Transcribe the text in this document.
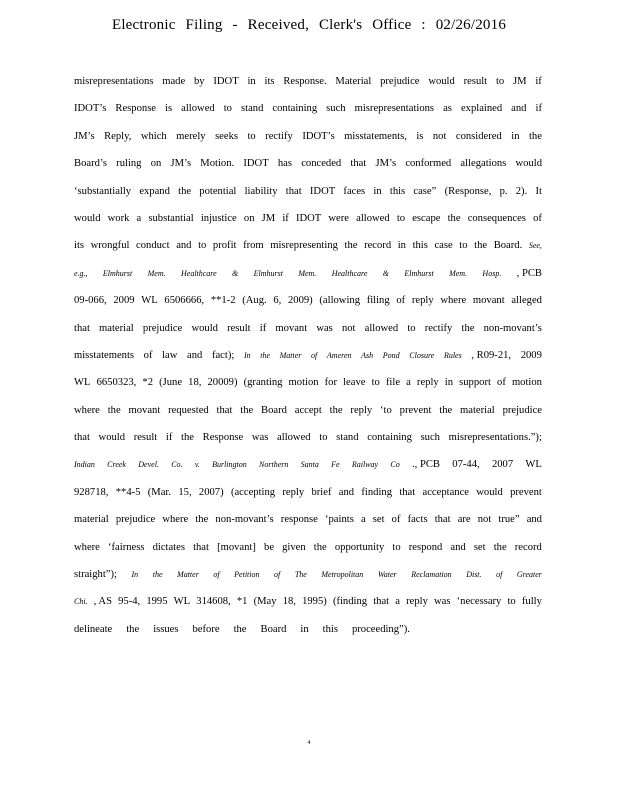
Electronic Filing - Received, Clerk's Office : 02/26/2016
misrepresentations made by IDOT in its Response. Material prejudice would result to JM if
IDOT’s Response is allowed to stand containing such misrepresentations as explained and if
JM’s Reply, which merely seeks to rectify IDOT’s misstatements, is not considered in the
Board’s ruling on JM’s Motion. IDOT has conceded that JM’s conformed allegations would
‘substantially expand the potential liability that IDOT faces in this case” (Response, p. 2). It
would work a substantial injustice on JM if IDOT were allowed to escape the consequences of
its wrongful conduct and to profit from misrepresenting the record in this case to the Board. See,
e.g., Elmhurst Mem. Healthcare & Elmhurst Mem. Healthcare & Elmhurst Mem. Hosp. , PCB
09-066, 2009 WL 6506666, **1-2 (Aug. 6, 2009) (allowing filing of reply where movant alleged
that material prejudice would result if movant was not allowed to rectify the non-movant’s
misstatements of law and fact); In the Matter of Ameren Ash Pond Closure Rules , R09-21, 2009
WL 6650323, *2 (June 18, 20009) (granting motion for leave to file a reply in support of motion
where the movant requested that the Board accept the reply ‘to prevent the material prejudice
that would result if the Response was allowed to stand containing such misrepresentations.”);
Indian Creek Devel. Co. v. Burlington Northern Santa Fe Railway Co ., PCB 07-44, 2007 WL
928718, **4-5 (Mar. 15, 2007) (accepting reply brief and finding that acceptance would prevent
material prejudice where the non-movant’s response ‘paints a set of facts that are not true” and
where ‘fairness dictates that [movant] be given the opportunity to respond and set the record
straight”); In the Matter of Petition of The Metropolitan Water Reclamation Dist. of Greater
Chi. , AS 95-4, 1995 WL 314608, *1 (May 18, 1995) (finding that a reply was ‘necessary to fully
delineate the issues before the Board in this proceeding”).
4
